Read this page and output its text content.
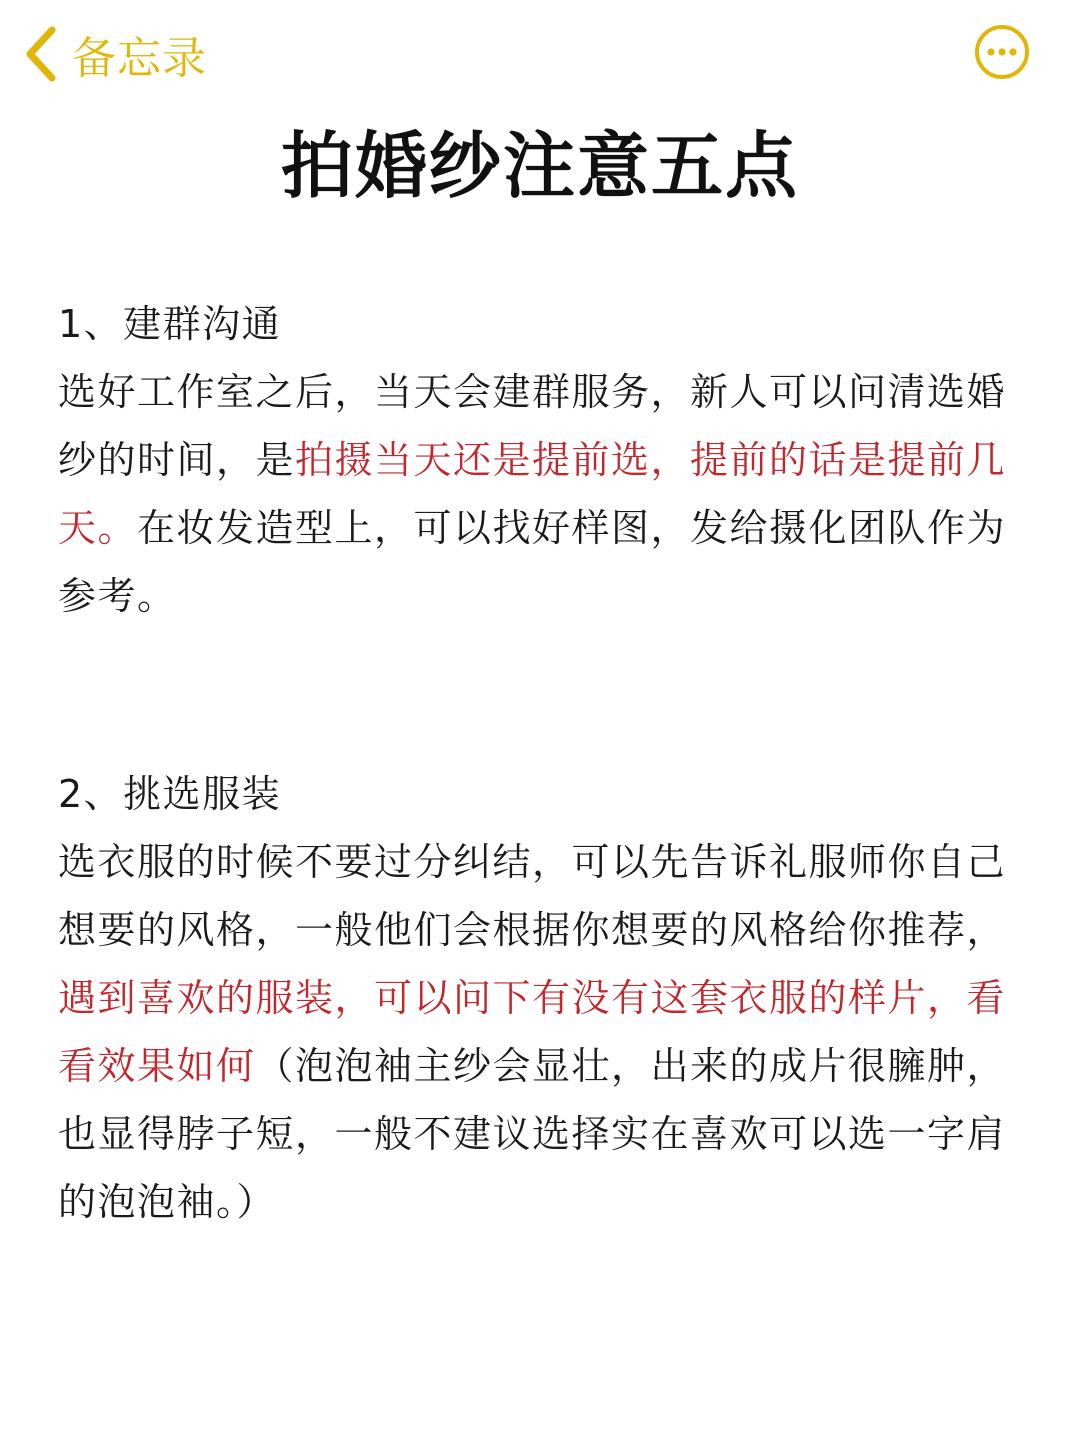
备忘录
拍婚纱注意五点

1、建群沟通

选好工作室之后，当天会建群服务，新人可以问清选婚纱的时间，是拍摄当天还是提前选，提前的话是提前几天。在妆发造型上，可以找好样图，发给摄化团队作为参考。

2、挑选服装

选衣服的时候不要过分纠结，可以先告诉礼服师你自己想要的风格，一般他们会根据你想要的风格给你推荐，遇到喜欢的服装，可以问下有没有这套衣服的样片，看看效果如何（泡泡袖主纱会显壮，出来的成片很臃肿，也显得脖子短，一般不建议选择实在喜欢可以选一字肩的泡泡袖。）
